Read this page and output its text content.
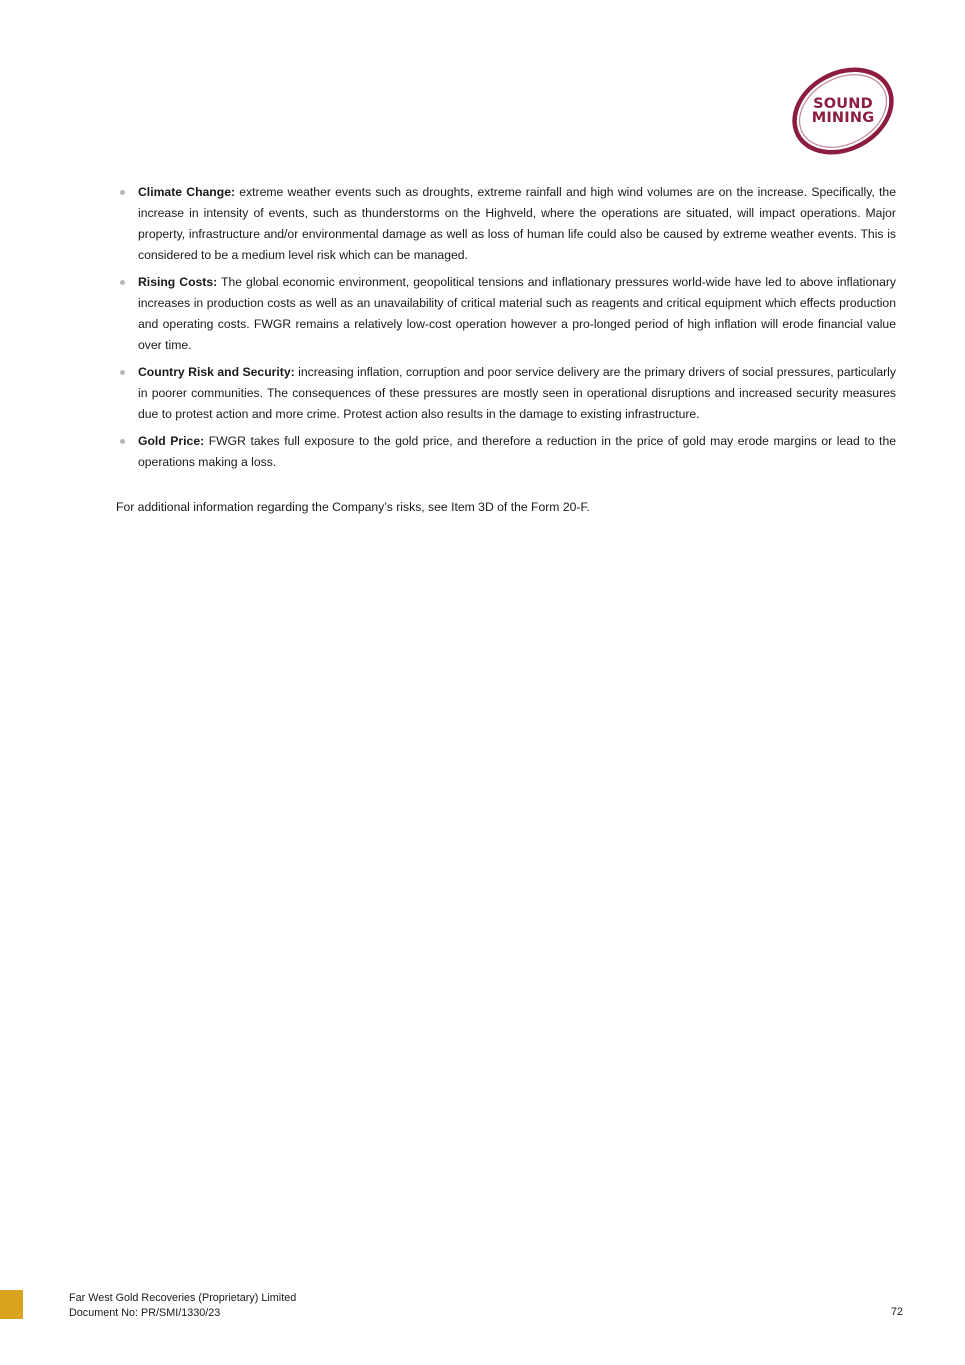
SOUND
MINING
Climate Change: extreme weather events such as droughts, extreme rainfall and high wind volumes are on the increase. Specifically, the increase in intensity of events, such as thunderstorms on the Highveld, where the operations are situated, will impact operations. Major property, infrastructure and/or environmental damage as well as loss of human life could also be caused by extreme weather events. This is considered to be a medium level risk which can be managed.
Rising Costs: The global economic environment, geopolitical tensions and inflationary pressures world-wide have led to above inflationary increases in production costs as well as an unavailability of critical material such as reagents and critical equipment which effects production and operating costs. FWGR remains a relatively low-cost operation however a pro-longed period of high inflation will erode financial value over time.
Country Risk and Security: increasing inflation, corruption and poor service delivery are the primary drivers of social pressures, particularly in poorer communities. The consequences of these pressures are mostly seen in operational disruptions and increased security measures due to protest action and more crime. Protest action also results in the damage to existing infrastructure.
Gold Price: FWGR takes full exposure to the gold price, and therefore a reduction in the price of gold may erode margins or lead to the operations making a loss.

For additional information regarding the Company’s risks, see Item 3D of the Form 20-F.

Far West Gold Recoveries (Proprietary) Limited

Document No: PR/SMI/1330/23	72
